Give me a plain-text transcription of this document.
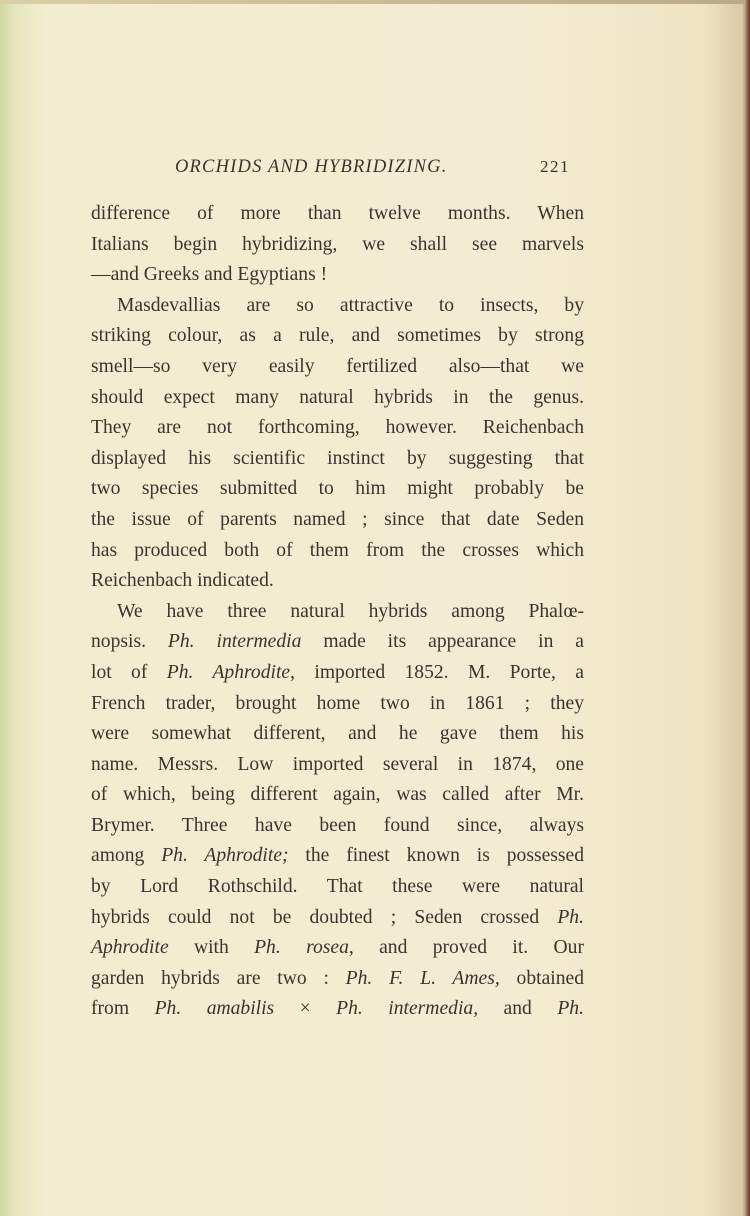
ORCHIDS AND HYBRIDIZING.	221
difference of more than twelve months. When
Italians begin hybridizing, we shall see marvels
—and Greeks and Egyptians !
Masdevallias are so attractive to insects, by
striking colour, as a rule, and sometimes by strong
smell—so very easily fertilized also—that we
should expect many natural hybrids in the genus.
They are not forthcoming, however. Reichenbach
displayed his scientific instinct by suggesting that
two species submitted to him might probably be
the issue of parents named ; since that date Seden
has produced both of them from the crosses which
Reichenbach indicated.
We have three natural hybrids among Phalœ-
nopsis. Ph. intermedia made its appearance in a
lot of Ph. Aphrodite, imported 1852. M. Porte, a
French trader, brought home two in 1861 ; they
were somewhat different, and he gave them his
name. Messrs. Low imported several in 1874, one
of which, being different again, was called after Mr.
Brymer. Three have been found since, always
among Ph. Aphrodite; the finest known is possessed
by Lord Rothschild. That these were natural
hybrids could not be doubted ; Seden crossed Ph.
Aphrodite with Ph. rosea, and proved it. Our
garden hybrids are two : Ph. F. L. Ames, obtained
from Ph. amabilis × Ph. intermedia, and Ph.
